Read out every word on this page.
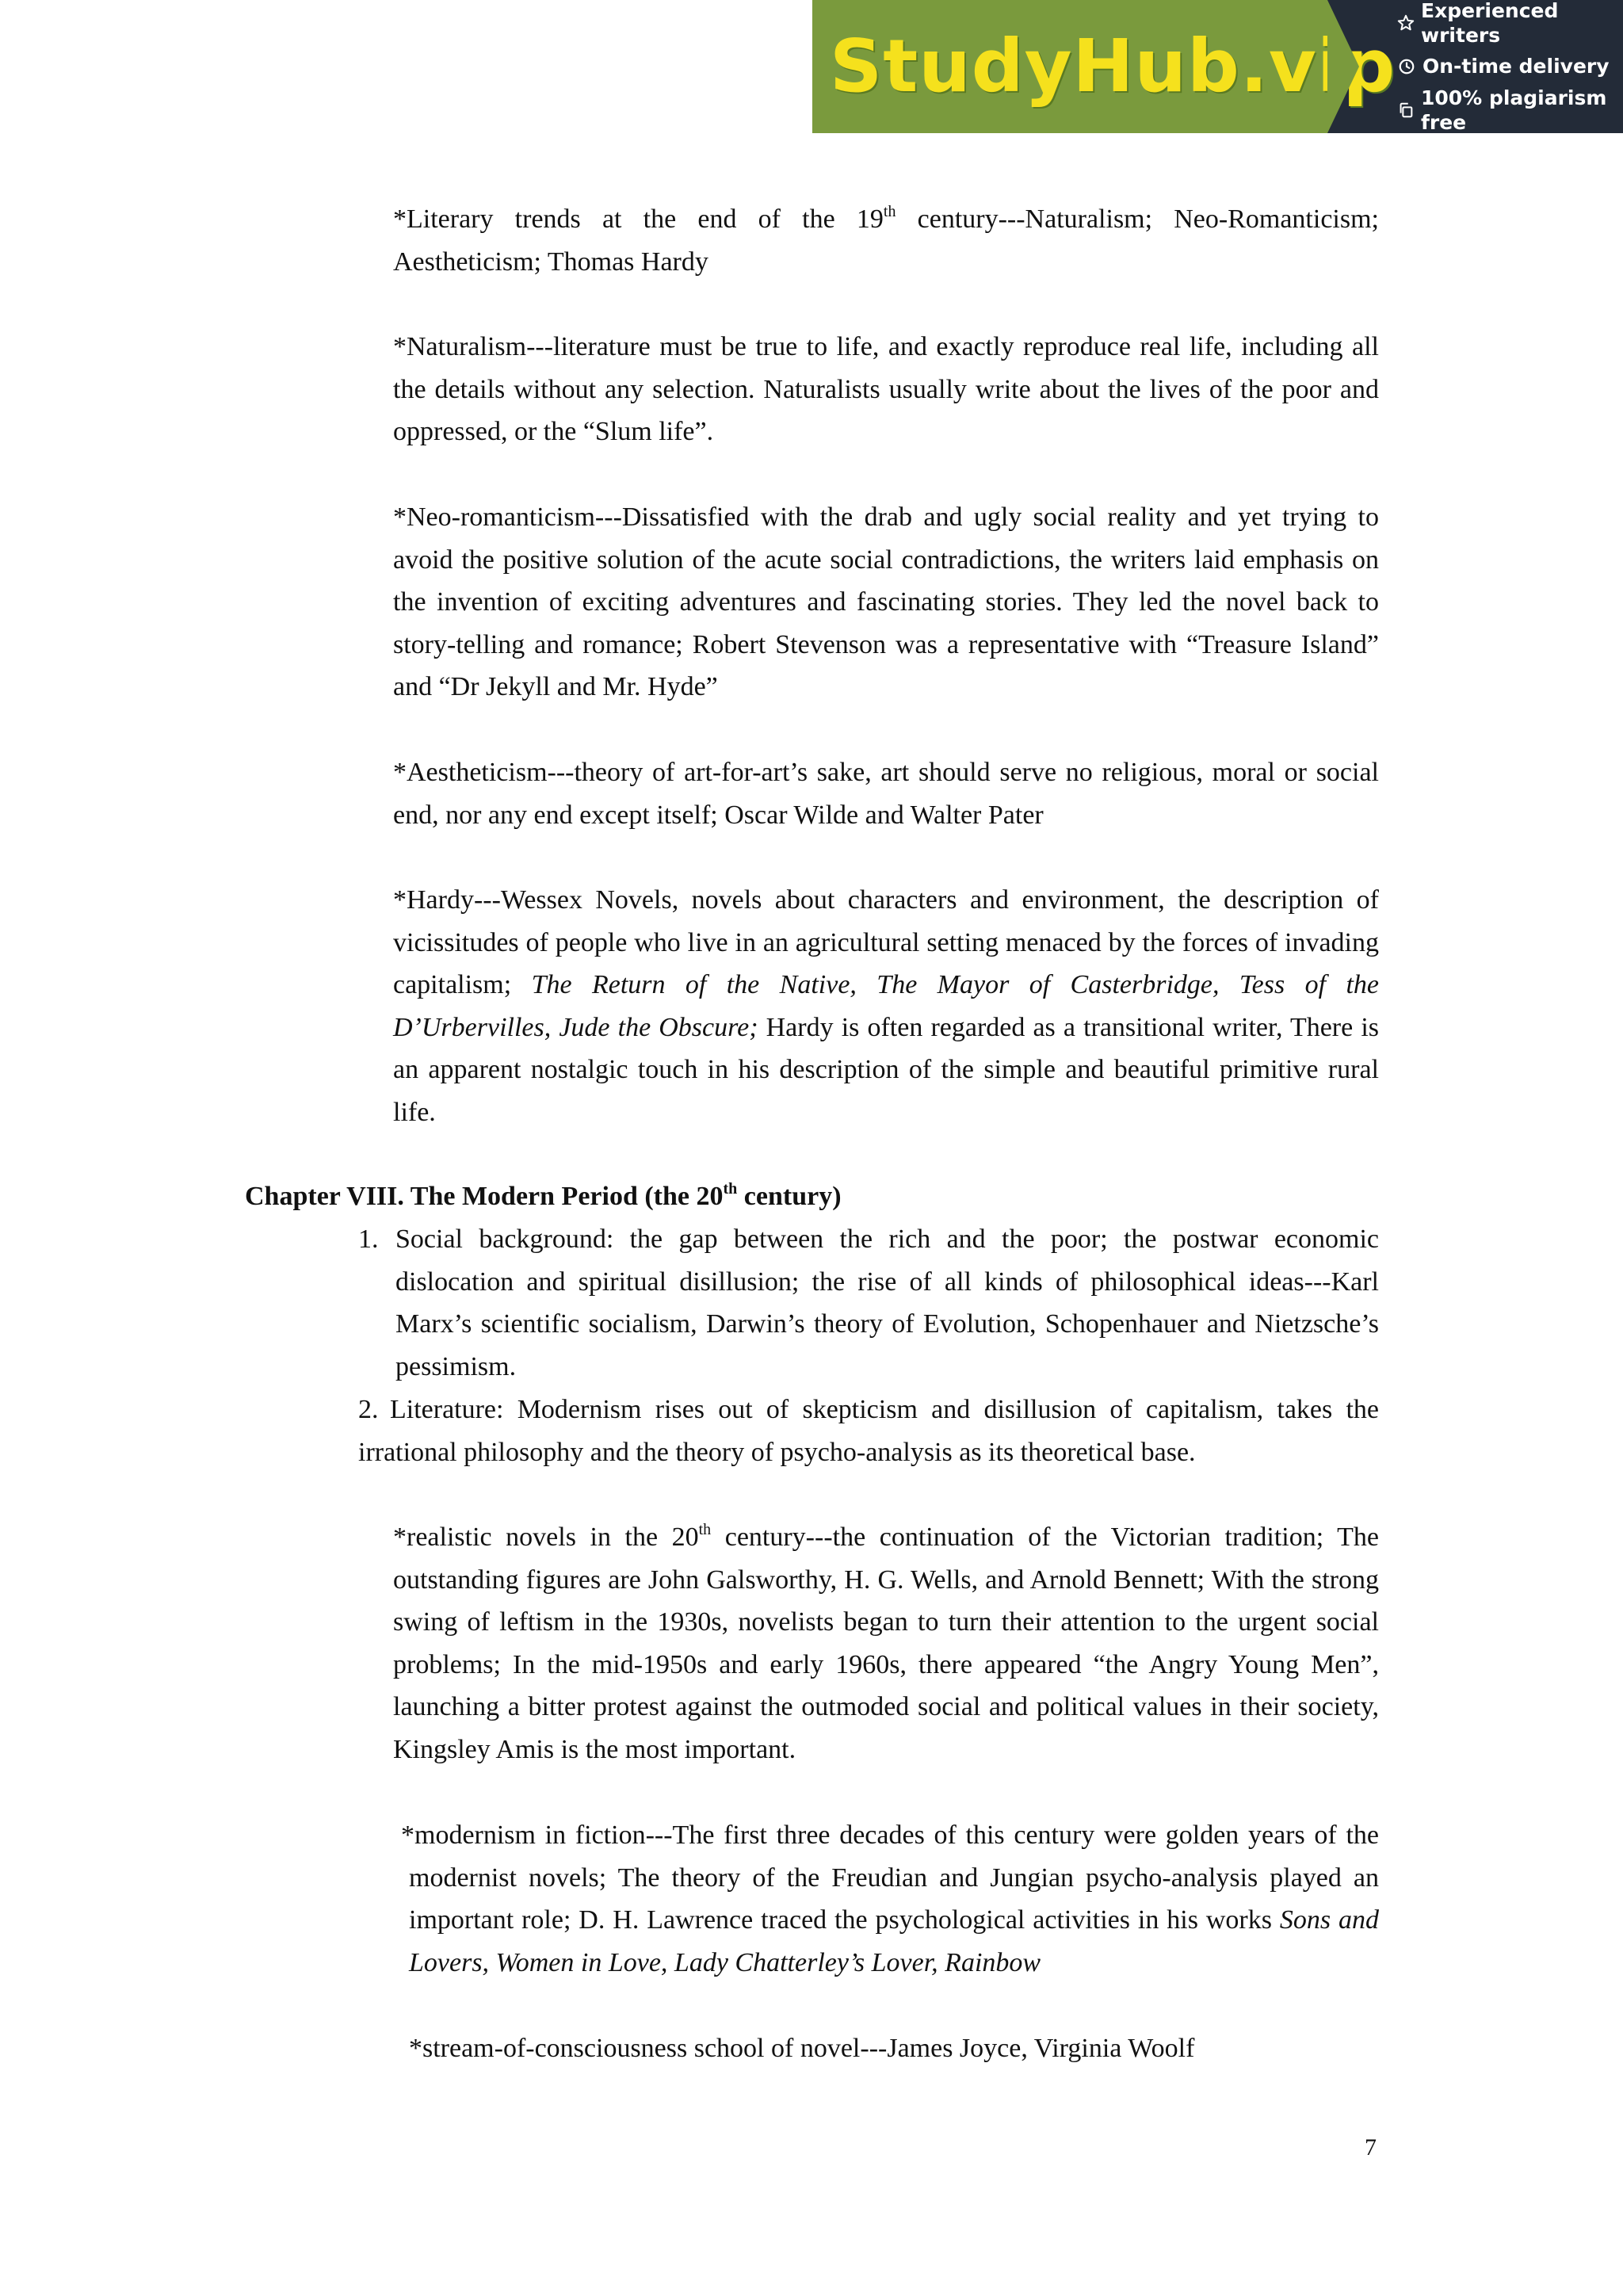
StudyHub.vip
Experienced writers
On-time delivery
100% plagiarism free

*Literary trends at the end of the 19th century---Naturalism; Neo-Romanticism; Aestheticism; Thomas Hardy

*Naturalism---literature must be true to life, and exactly reproduce real life, including all the details without any selection. Naturalists usually write about the lives of the poor and oppressed, or the “Slum life”.

*Neo-romanticism---Dissatisfied with the drab and ugly social reality and yet trying to avoid the positive solution of the acute social contradictions, the writers laid emphasis on the invention of exciting adventures and fascinating stories. They led the novel back to story-telling and romance; Robert Stevenson was a representative with “Treasure Island” and “Dr Jekyll and Mr. Hyde”

*Aestheticism---theory of art-for-art’s sake, art should serve no religious, moral or social end, nor any end except itself; Oscar Wilde and Walter Pater

*Hardy---Wessex Novels, novels about characters and environment, the description of vicissitudes of people who live in an agricultural setting menaced by the forces of invading capitalism; The Return of the Native, The Mayor of Casterbridge, Tess of the D’Urbervilles, Jude the Obscure; Hardy is often regarded as a transitional writer, There is an apparent nostalgic touch in his description of the simple and beautiful primitive rural life.

Chapter VIII. The Modern Period (the 20th century)

1. Social background: the gap between the rich and the poor; the postwar economic dislocation and spiritual disillusion; the rise of all kinds of philosophical ideas---Karl Marx’s scientific socialism, Darwin’s theory of Evolution, Schopenhauer and Nietzsche’s pessimism.
2. Literature: Modernism rises out of skepticism and disillusion of capitalism, takes the irrational philosophy and the theory of psycho-analysis as its theoretical base.

*realistic novels in the 20th century---the continuation of the Victorian tradition; The outstanding figures are John Galsworthy, H. G. Wells, and Arnold Bennett; With the strong swing of leftism in the 1930s, novelists began to turn their attention to the urgent social problems; In the mid-1950s and early 1960s, there appeared “the Angry Young Men”, launching a bitter protest against the outmoded social and political values in their society, Kingsley Amis is the most important.

*modernism in fiction---The first three decades of this century were golden years of the modernist novels; The theory of the Freudian and Jungian psycho-analysis played an important role; D. H. Lawrence traced the psychological activities in his works Sons and Lovers, Women in Love, Lady Chatterley’s Lover, Rainbow

*stream-of-consciousness school of novel---James Joyce, Virginia Woolf

7
